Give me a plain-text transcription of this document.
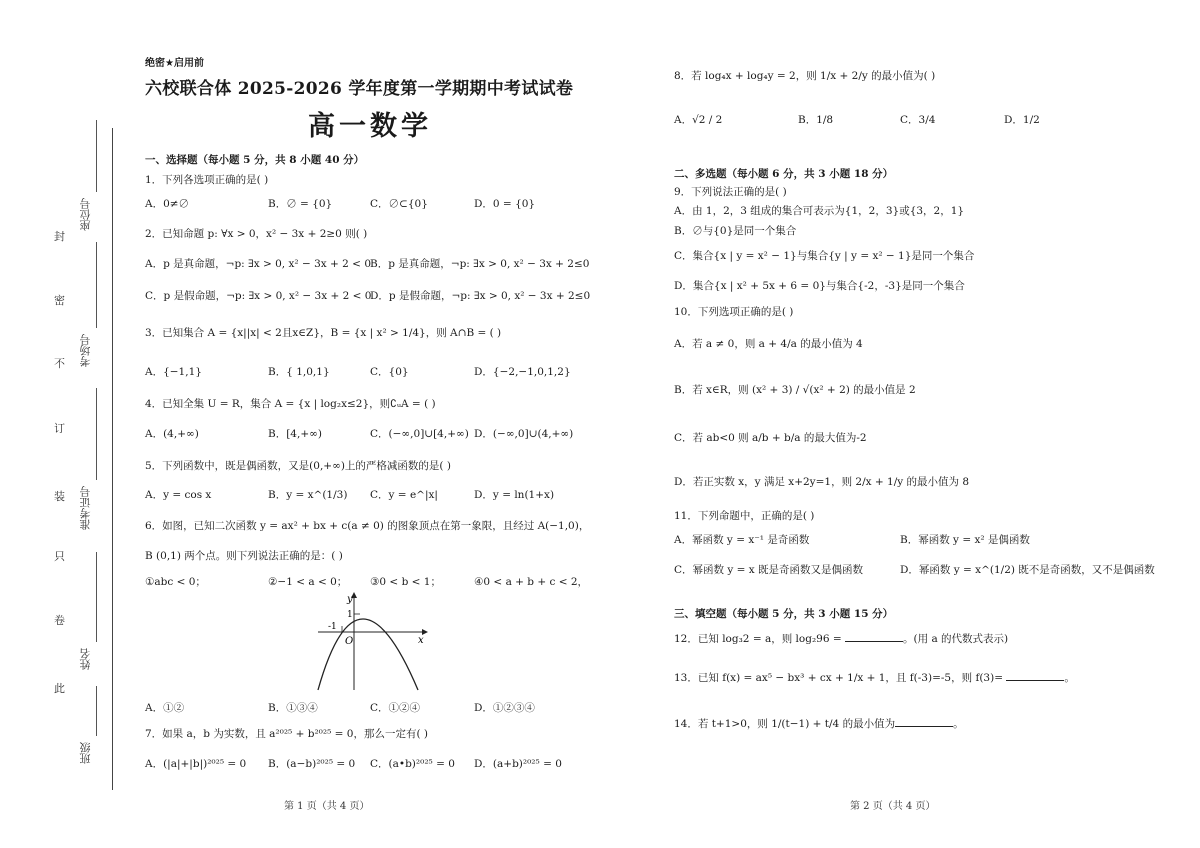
封
密
不
订
装
只
卷
此
座位号
考场号
准考证号
姓名
班级
绝密★启用前
六校联合体 2025-2026 学年度第一学期期中考试试卷
高一数学
一、选择题（每小题 5 分，共 8 小题 40 分）
1．下列各选项正确的是( )
A．0≠∅	B．∅ = {0}	C．∅⊂{0}	D．0 = {0}
2．已知命题 p: ∀x > 0，x² − 3x + 2≥0 则( )
A．p 是真命题，¬p: ∃x > 0, x² − 3x + 2 < 0 B．p 是真命题，¬p: ∃x > 0, x² − 3x + 2≤0
C．p 是假命题，¬p: ∃x > 0, x² − 3x + 2 < 0
D．p 是假命题，¬p: ∃x > 0, x² − 3x + 2≤0
3．已知集合 A = {x||x| < 2且x∈Z}，B = {x | x² > 1/4}，则 A∩B = ( )
A．{−1,1}	B．{ 1,0,1}	C．{0}	D．{−2,−1,0,1,2}
4．已知全集 U = R，集合 A = {x | log₂x≤2}，则∁ᵤA = ( )
A．(4,+∞)	B．[4,+∞)	C．(−∞,0]∪[4,+∞) D．(−∞,0]∪(4,+∞)
5．下列函数中，既是偶函数，又是(0,+∞)上的严格减函数的是( )
A．y = cos x	B．y = x^(1/3) C．y = e^|x|	D．y = ln(1+x)
6．如图，已知二次函数 y = ax² + bx + c(a ≠ 0) 的图象顶点在第一象限，且经过 A(−1,0)，
B (0,1) 两个点。则下列说法正确的是：( )
①abc < 0；	②−1 < a < 0； ③0 < b < 1；	④0 < a + b + c < 2，
y
x
O
1
-1
A．①②	B．①③④	C．①②④	D．①②③④
7．如果 a，b 为实数，且 a²⁰²⁵ + b²⁰²⁵ = 0，那么一定有( )
A．(|a|+|b|)²⁰²⁵ = 0 B．(a−b)²⁰²⁵ = 0 C．(a•b)²⁰²⁵ = 0 D．(a+b)²⁰²⁵ = 0
第 1 页（共 4 页）
8．若 log₄x + log₄y = 2，则 1/x + 2/y 的最小值为( )
A．√2 / 2	B．1/8	C．3/4	D．1/2
二、多选题（每小题 6 分，共 3 小题 18 分）
9．下列说法正确的是( )
A．由 1，2，3 组成的集合可表示为{1，2，3}或{3，2，1}
B．∅与{0}是同一个集合
C．集合{x | y = x² − 1}与集合{y | y = x² − 1}是同一个集合
D．集合{x | x² + 5x + 6 = 0}与集合{-2，-3}是同一个集合
10．下列选项正确的是( )
A．若 a ≠ 0，则 a + 4/a 的最小值为 4
B．若 x∈R，则 (x² + 3) / √(x² + 2) 的最小值是 2
C．若 ab<0 则 a/b + b/a 的最大值为-2
D．若正实数 x，y 满足 x+2y=1，则 2/x + 1/y 的最小值为 8
11．下列命题中，正确的是( )
A．幂函数 y = x⁻¹ 是奇函数	B．幂函数 y = x² 是偶函数
C．幂函数 y = x 既是奇函数又是偶函数	D．幂函数 y = x^(1/2) 既不是奇函数，又不是偶函数
三、填空题（每小题 5 分，共 3 小题 15 分）
12．已知 log₃2 = a，则 log₂96 =	。(用 a 的代数式表示)
13．已知 f(x) = ax⁵ − bx³ + cx + 1/x + 1，且 f(-3)=-5，则 f(3)=	。
14．若 t+1>0，则 1/(t−1) + t/4 的最小值为	。
第 2 页（共 4 页）
